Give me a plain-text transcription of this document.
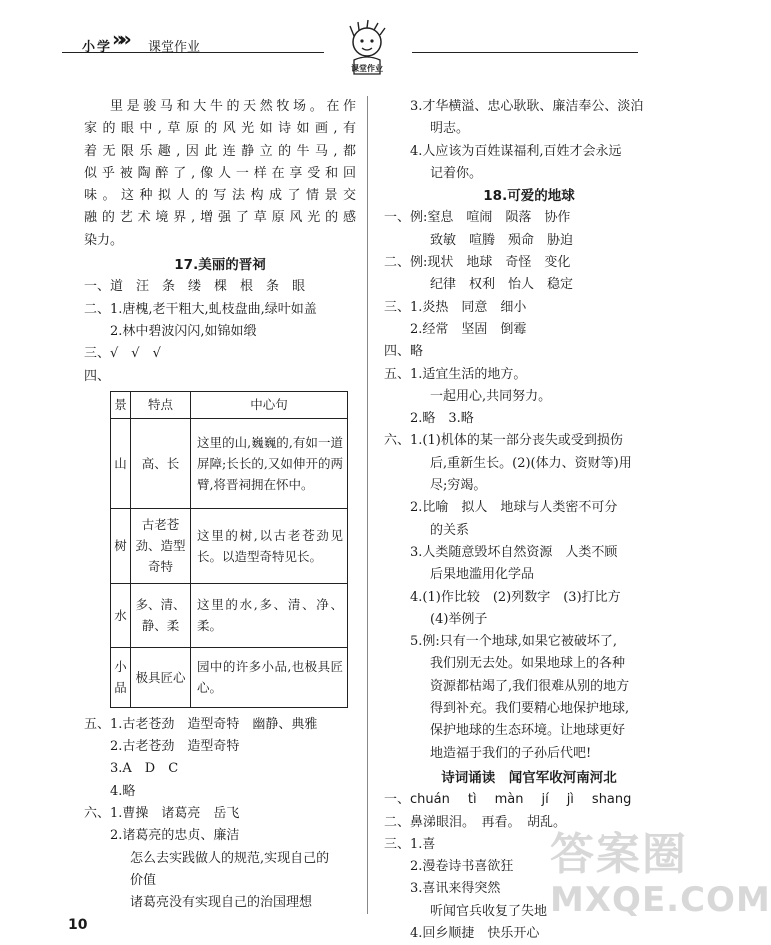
小学 »» 课堂作业
课堂作业
里是骏马和大牛的天然牧场。在作
家的眼中,草原的风光如诗如画,有
着无限乐趣,因此连静立的牛马,都
似乎被陶醉了,像人一样在享受和回
味。这种拟人的写法构成了情景交
融的艺术境界,增强了草原风光的感
染力。
17.美丽的晋祠
一、道　汪　条　缕　棵　根　条　眼
二、1.唐槐,老干粗大,虬枝盘曲,绿叶如盖
2.林中碧波闪闪,如锦如缎
三、√　√　√
四、
景	特点	中心句
山	高、长	这里的山,巍巍的,有如一道屏障;长长的,又如伸开的两臂,将晋祠拥在怀中。
树	古老苍劲、造型奇特	这里的树,以古老苍劲见长。以造型奇特见长。
水	多、清、静、柔	这里的水,多、清、净、柔。
小品	极具匠心	园中的许多小品,也极具匠心。
五、1.古老苍劲　造型奇特　幽静、典雅
2.古老苍劲　造型奇特
3.A　D　C
4.略
六、1.曹操　诸葛亮　岳飞
2.诸葛亮的忠贞、廉洁
怎么去实践做人的规范,实现自己的
价值
诸葛亮没有实现自己的治国理想
3.才华横溢、忠心耿耿、廉洁奉公、淡泊
明志。
4.人应该为百姓谋福利,百姓才会永远
记着你。
18.可爱的地球
一、例:窒息　喧闹　陨落　协作
致敏　喧腾　殒命　胁迫
二、例:现状　地球　奇怪　变化
纪律　权利　怡人　稳定
三、1.炎热　同意　细小
2.经常　坚固　倒霉
四、略
五、1.适宜生活的地方。
一起用心,共同努力。
2.略　3.略
六、1.(1)机体的某一部分丧失或受到损伤
后,重新生长。(2)(体力、资财等)用
尽;穷竭。
2.比喻　拟人　地球与人类密不可分
的关系
3.人类随意毁坏自然资源　人类不顾
后果地滥用化学品
4.(1)作比较　(2)列数字　(3)打比方
(4)举例子
5.例:只有一个地球,如果它被破坏了,
我们别无去处。如果地球上的各种
资源都枯竭了,我们很难从别的地方
得到补充。我们要精心地保护地球,
保护地球的生态环境。让地球更好
地造福于我们的子孙后代吧!
诗词诵读　闻官军收河南河北
一、chuán tì màn jí jì shang
二、鼻涕眼泪。　再看。　胡乱。
三、1.喜
2.漫卷诗书喜欲狂
3.喜讯来得突然
听闻官兵收复了失地
4.回乡顺捷　快乐开心
10
答案圈
MXQE.COM
